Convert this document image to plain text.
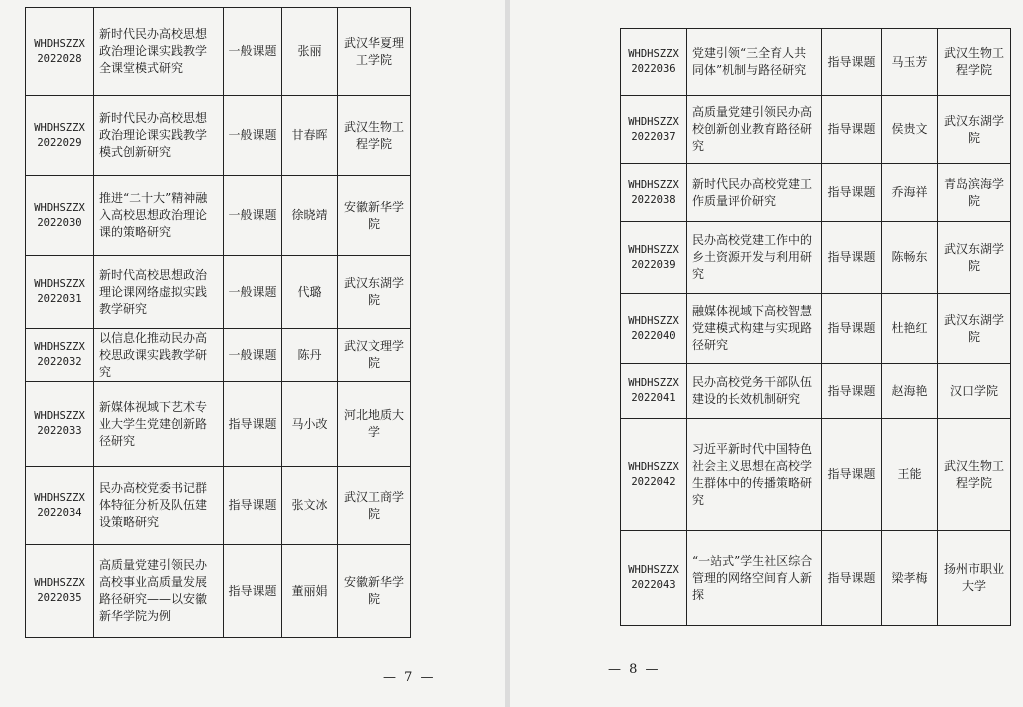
WHDHSZZX
2022028	新时代民办高校思想政治理论课实践教学全课堂模式研究	一般课题	张丽	武汉华夏理工学院
WHDHSZZX
2022029	新时代民办高校思想政治理论课实践教学模式创新研究	一般课题	甘春晖	武汉生物工程学院
WHDHSZZX
2022030	推进“二十大”精神融入高校思想政治理论课的策略研究	一般课题	徐晓靖	安徽新华学院
WHDHSZZX
2022031	新时代高校思想政治理论课网络虚拟实践教学研究	一般课题	代璐	武汉东湖学院
WHDHSZZX
2022032	以信息化推动民办高校思政课实践教学研究	一般课题	陈丹	武汉文理学院
WHDHSZZX
2022033	新媒体视域下艺术专业大学生党建创新路径研究	指导课题	马小改	河北地质大学
WHDHSZZX
2022034	民办高校党委书记群体特征分析及队伍建设策略研究	指导课题	张文冰	武汉工商学院
WHDHSZZX
2022035	高质量党建引领民办高校事业高质量发展路径研究——以安徽新华学院为例	指导课题	董丽娟	安徽新华学院
— 7 —
— 8 —
WHDHSZZX
2022036	党建引领“三全育人共同体”机制与路径研究	指导课题	马玉芳	武汉生物工程学院
WHDHSZZX
2022037	高质量党建引领民办高校创新创业教育路径研究	指导课题	侯贵文	武汉东湖学院
WHDHSZZX
2022038	新时代民办高校党建工作质量评价研究	指导课题	乔海祥	青岛滨海学院
WHDHSZZX
2022039	民办高校党建工作中的乡土资源开发与利用研究	指导课题	陈畅东	武汉东湖学院
WHDHSZZX
2022040	融媒体视域下高校智慧党建模式构建与实现路径研究	指导课题	杜艳红	武汉东湖学院
WHDHSZZX
2022041	民办高校党务干部队伍建设的长效机制研究	指导课题	赵海艳	汉口学院
WHDHSZZX
2022042	习近平新时代中国特色社会主义思想在高校学生群体中的传播策略研究	指导课题	王能	武汉生物工程学院
WHDHSZZX
2022043	“一站式”学生社区综合管理的网络空间育人新探	指导课题	梁孝梅	扬州市职业大学
